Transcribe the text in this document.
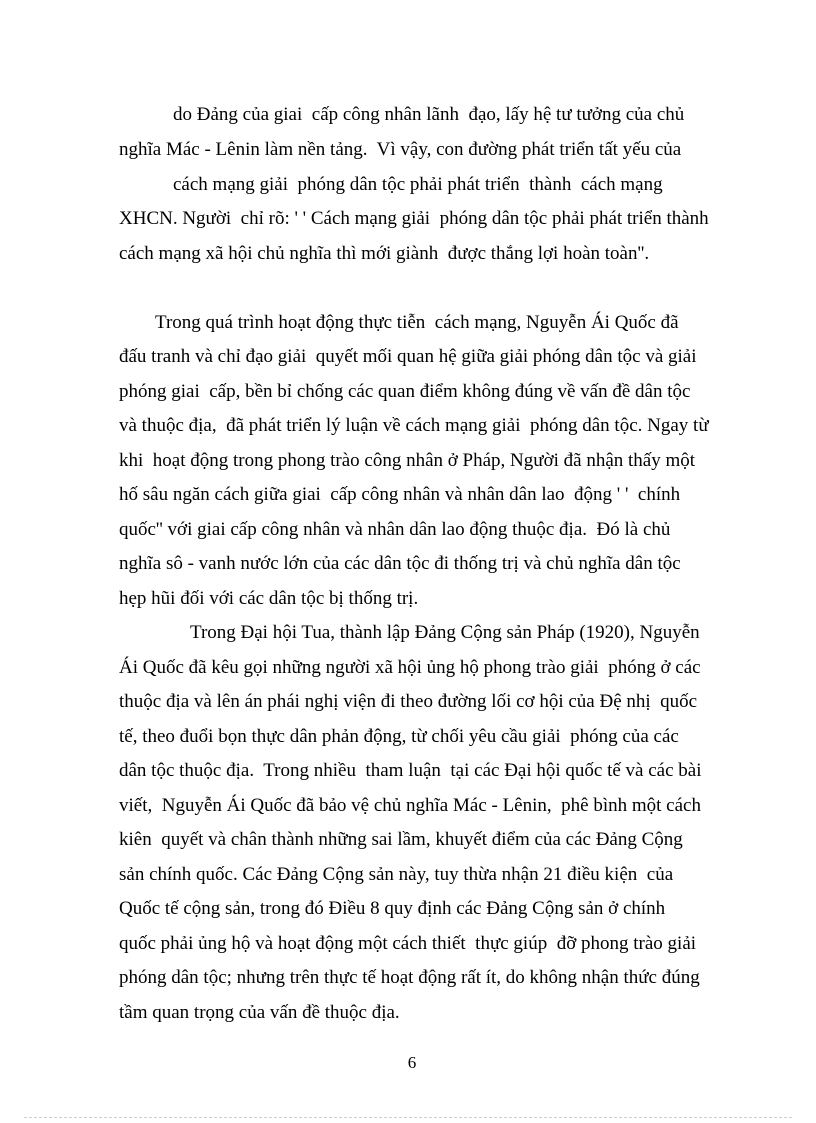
do Đảng của giai  cấp công nhân lãnh  đạo, lấy hệ tư tưởng của chủ
nghĩa Mác - Lênin làm nền tảng.  Vì vậy, con đường phát triển tất yếu của
cách mạng giải  phóng dân tộc phải phát triển  thành  cách mạng
XHCN. Người  chỉ rõ: ' ' Cách mạng giải  phóng dân tộc phải phát triển thành
cách mạng xã hội chủ nghĩa thì mới giành  được thắng lợi hoàn toàn''.
Trong quá trình hoạt động thực tiễn  cách mạng, Nguyễn Ái Quốc đã
đấu tranh và chỉ đạo giải  quyết mối quan hệ giữa giải phóng dân tộc và giải
phóng giai  cấp, bền bỉ chống các quan điểm không đúng về vấn đề dân tộc
và thuộc địa,  đã phát triển lý luận về cách mạng giải  phóng dân tộc. Ngay từ
khi  hoạt động trong phong trào công nhân ở Pháp, Người đã nhận thấy một
hố sâu ngăn cách giữa giai  cấp công nhân và nhân dân lao  động ' '  chính
quốc'' với giai cấp công nhân và nhân dân lao động thuộc địa.  Đó là chủ
nghĩa sô - vanh nước lớn của các dân tộc đi thống trị và chủ nghĩa dân tộc
hẹp hũi đối với các dân tộc bị thống trị.
Trong Đại hội Tua, thành lập Đảng Cộng sản Pháp (1920), Nguyễn
Ái Quốc đã kêu gọi những người xã hội ủng hộ phong trào giải  phóng ở các
thuộc địa và lên án phái nghị viện đi theo đường lối cơ hội của Đệ nhị  quốc
tế, theo đuổi bọn thực dân phản động, từ chối yêu cầu giải  phóng của các
dân tộc thuộc địa.  Trong nhiều  tham luận  tại các Đại hội quốc tế và các bài
viết,  Nguyễn Ái Quốc đã bảo vệ chủ nghĩa Mác - Lênin,  phê bình một cách
kiên  quyết và chân thành những sai lầm, khuyết điểm của các Đảng Cộng
sản chính quốc. Các Đảng Cộng sản này, tuy thừa nhận 21 điều kiện  của
Quốc tế cộng sản, trong đó Điều 8 quy định các Đảng Cộng sản ở chính
quốc phải ủng hộ và hoạt động một cách thiết  thực giúp  đỡ phong trào giải
phóng dân tộc; nhưng trên thực tế hoạt động rất ít, do không nhận thức đúng
tầm quan trọng của vấn đề thuộc địa.
6
